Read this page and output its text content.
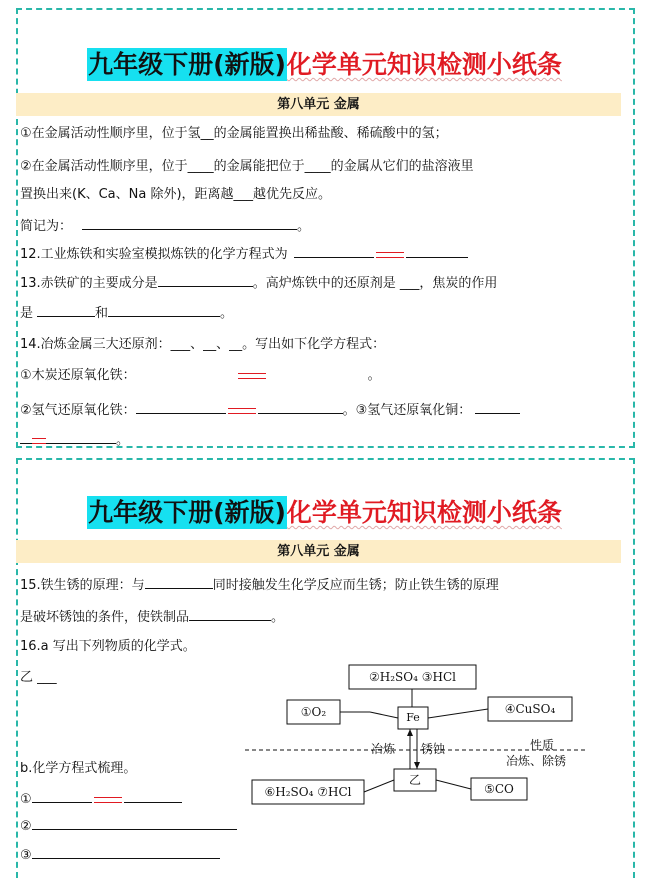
九年级下册(新版)化学单元知识检测小纸条
第八单元 金属
①在金属活动性顺序里，位于氢__的金属能置换出稀盐酸、稀硫酸中的氢；
②在金属活动性顺序里，位于____的金属能把位于____的金属从它们的盐溶液里
置换出来(K、Ca、Na 除外)，距离越___越优先反应。
简记为：	。
12.工业炼铁和实验室模拟炼铁的化学方程式为
13.赤铁矿的主要成分是	。高炉炼铁中的还原剂是 ___，焦炭的作用
是	和	。
14.冶炼金属三大还原剂：___、__、__。写出如下化学方程式：
①木炭还原氧化铁：	。
②氢气还原氧化铁：	。③氢气还原氧化铜：
。
九年级下册(新版)化学单元知识检测小纸条
第八单元 金属
15.铁生锈的原理：与	同时接触发生化学反应而生锈；防止铁生锈的原理
是破坏锈蚀的条件，使铁制品	。
16.a 写出下列物质的化学式。
乙 ___
b.化学方程式梳理。
①
②
③
②H₂SO₄ ③HCl
①O₂	Fe
④CuSO₄
冶炼 锈蚀	性质
冶炼、除锈
乙
⑥H₂SO₄ ⑦HCl	⑤CO
